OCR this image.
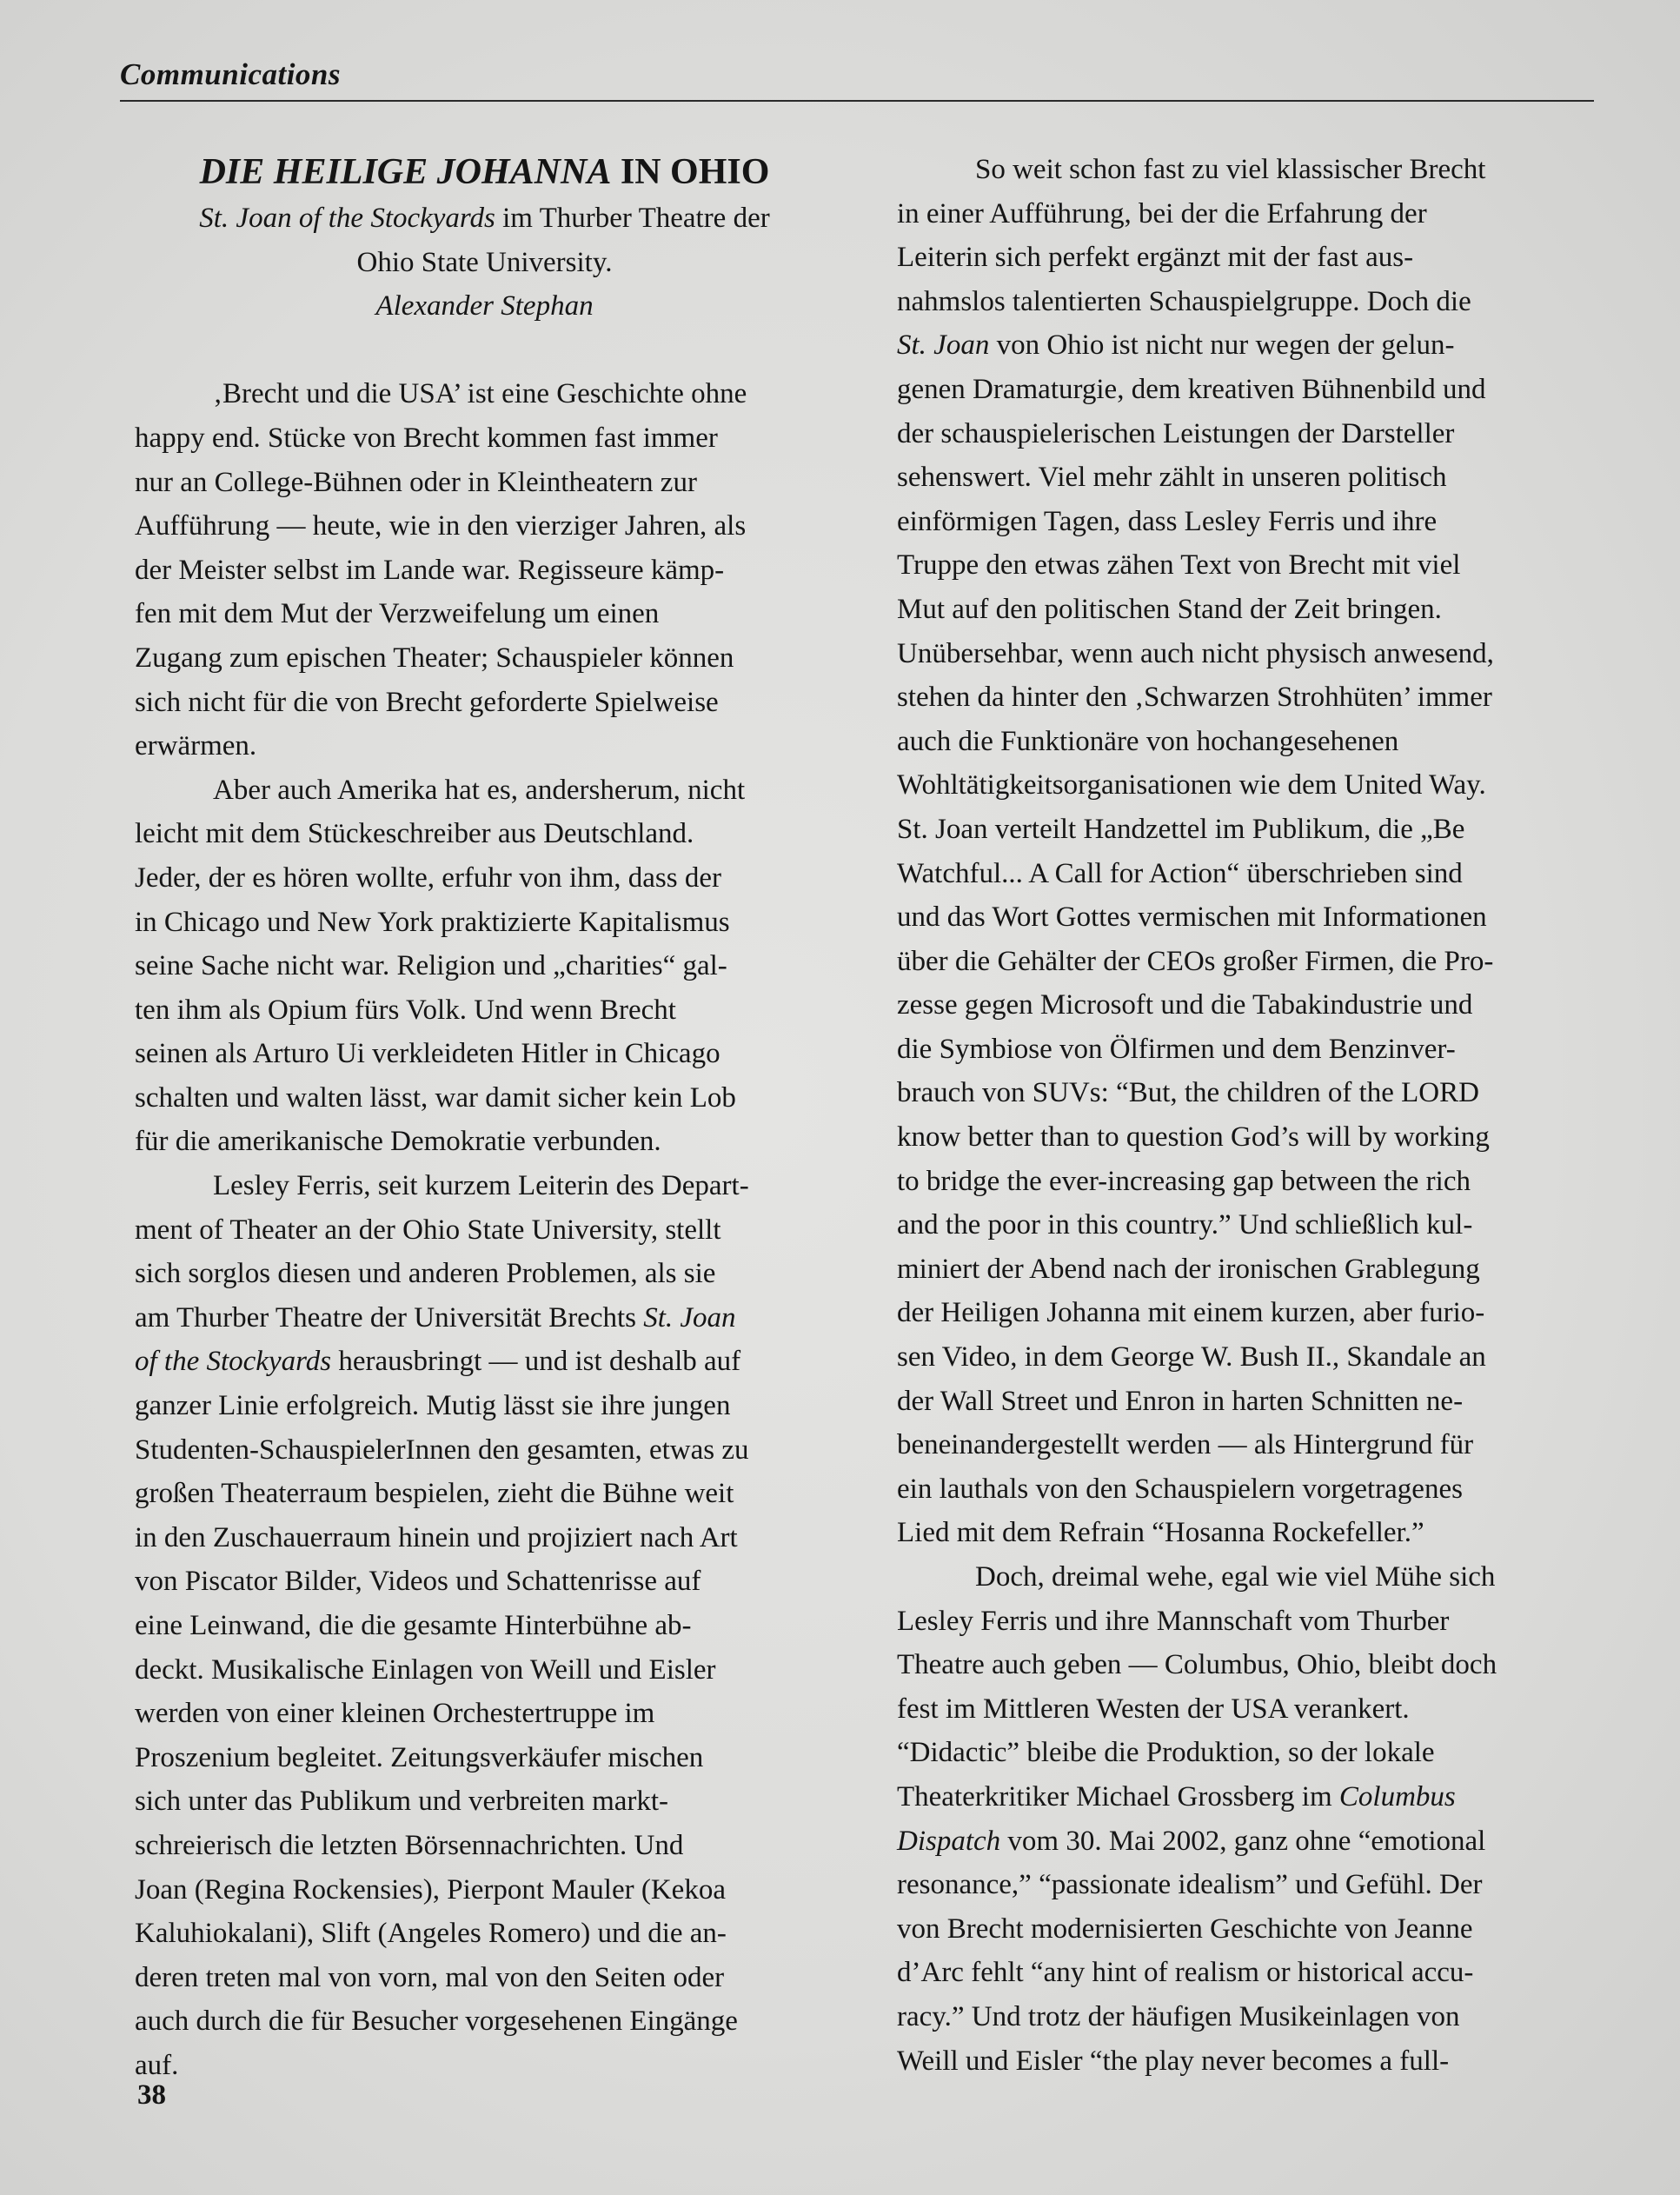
Communications
DIE HEILIGE JOHANNA IN OHIO
St. Joan of the Stockyards im Thurber Theatre der
Ohio State University.
Alexander Stephan
‚Brecht und die USA’ ist eine Geschichte ohne
happy end. Stücke von Brecht kommen fast immer
nur an College-Bühnen oder in Kleintheatern zur
Aufführung — heute, wie in den vierziger Jahren, als
der Meister selbst im Lande war. Regisseure kämp-
fen mit dem Mut der Verzweifelung um einen
Zugang zum epischen Theater; Schauspieler können
sich nicht für die von Brecht geforderte Spielweise
erwärmen.
Aber auch Amerika hat es, andersherum, nicht
leicht mit dem Stückeschreiber aus Deutschland.
Jeder, der es hören wollte, erfuhr von ihm, dass der
in Chicago und New York praktizierte Kapitalismus
seine Sache nicht war. Religion und „charities“ gal-
ten ihm als Opium fürs Volk. Und wenn Brecht
seinen als Arturo Ui verkleideten Hitler in Chicago
schalten und walten lässt, war damit sicher kein Lob
für die amerikanische Demokratie verbunden.
Lesley Ferris, seit kurzem Leiterin des Depart-
ment of Theater an der Ohio State University, stellt
sich sorglos diesen und anderen Problemen, als sie
am Thurber Theatre der Universität Brechts St. Joan
of the Stockyards herausbringt — und ist deshalb auf
ganzer Linie erfolgreich. Mutig lässt sie ihre jungen
Studenten-SchauspielerInnen den gesamten, etwas zu
großen Theaterraum bespielen, zieht die Bühne weit
in den Zuschauerraum hinein und projiziert nach Art
von Piscator Bilder, Videos und Schattenrisse auf
eine Leinwand, die die gesamte Hinterbühne ab-
deckt. Musikalische Einlagen von Weill und Eisler
werden von einer kleinen Orchestertruppe im
Proszenium begleitet. Zeitungsverkäufer mischen
sich unter das Publikum und verbreiten markt-
schreierisch die letzten Börsennachrichten. Und
Joan (Regina Rockensies), Pierpont Mauler (Kekoa
Kaluhiokalani), Slift (Angeles Romero) und die an-
deren treten mal von vorn, mal von den Seiten oder
auch durch die für Besucher vorgesehenen Eingänge
auf.
So weit schon fast zu viel klassischer Brecht
in einer Aufführung, bei der die Erfahrung der
Leiterin sich perfekt ergänzt mit der fast aus-
nahmslos talentierten Schauspielgruppe. Doch die
St. Joan von Ohio ist nicht nur wegen der gelun-
genen Dramaturgie, dem kreativen Bühnenbild und
der schauspielerischen Leistungen der Darsteller
sehenswert. Viel mehr zählt in unseren politisch
einförmigen Tagen, dass Lesley Ferris und ihre
Truppe den etwas zähen Text von Brecht mit viel
Mut auf den politischen Stand der Zeit bringen.
Unübersehbar, wenn auch nicht physisch anwesend,
stehen da hinter den ‚Schwarzen Strohhüten’ immer
auch die Funktionäre von hochangesehenen
Wohltätigkeitsorganisationen wie dem United Way.
St. Joan verteilt Handzettel im Publikum, die „Be
Watchful... A Call for Action“ überschrieben sind
und das Wort Gottes vermischen mit Informationen
über die Gehälter der CEOs großer Firmen, die Pro-
zesse gegen Microsoft und die Tabakindustrie und
die Symbiose von Ölfirmen und dem Benzinver-
brauch von SUVs: “But, the children of the LORD
know better than to question God’s will by working
to bridge the ever-increasing gap between the rich
and the poor in this country.” Und schließlich kul-
miniert der Abend nach der ironischen Grablegung
der Heiligen Johanna mit einem kurzen, aber furio-
sen Video, in dem George W. Bush II., Skandale an
der Wall Street und Enron in harten Schnitten ne-
beneinandergestellt werden — als Hintergrund für
ein lauthals von den Schauspielern vorgetragenes
Lied mit dem Refrain “Hosanna Rockefeller.”
Doch, dreimal wehe, egal wie viel Mühe sich
Lesley Ferris und ihre Mannschaft vom Thurber
Theatre auch geben — Columbus, Ohio, bleibt doch
fest im Mittleren Westen der USA verankert.
“Didactic” bleibe die Produktion, so der lokale
Theaterkritiker Michael Grossberg im Columbus
Dispatch vom 30. Mai 2002, ganz ohne “emotional
resonance,” “passionate idealism” und Gefühl. Der
von Brecht modernisierten Geschichte von Jeanne
d’Arc fehlt “any hint of realism or historical accu-
racy.” Und trotz der häufigen Musikeinlagen von
Weill und Eisler “the play never becomes a full-
38
